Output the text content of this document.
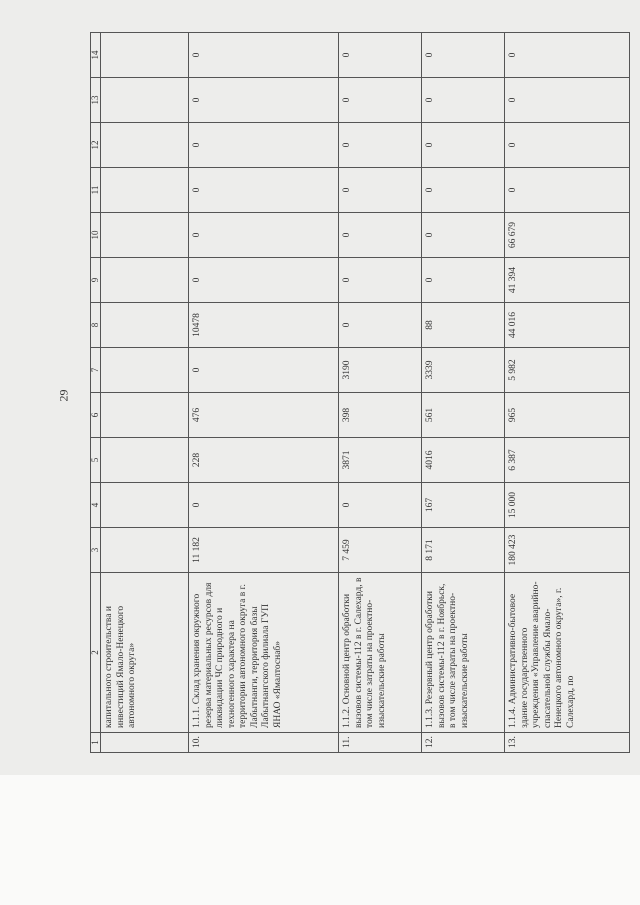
29
1	2	3	4	5	6	7	8	9	10	11	12	13	14
	капитального строительства и инвестиций Ямало-Ненецкого автономного округа»												
10.	1.1.1. Склад хранения окружного резерва материальных ресурсов для ликвидации ЧС природного и техногенного характера на территории автономного округа в г. Лабытнанги, территория базы Лабытнангского филиала ГУП ЯНАО «Ямалтоснаб»	11 182	0	228	476	0	10478	0	0	0	0	0	0
11.	1.1.2. Основной центр обработки вызовов системы-112 в г. Салехард, в том числе затраты на проектно-изыскательские работы	7 459	0	3871	398	3190	0	0	0	0	0	0	0
12.	1.1.3. Резервный центр обработки вызовов системы-112 в г. Ноябрьск, в том числе затраты на проектно-изыскательские работы	8 171	167	4016	561	3339	88	0	0	0	0	0	0
13.	1.1.4. Административно-бытовое здание государственного учреждения «Управление аварийно-спасательной службы Ямало-Ненецкого автономного округа», г. Салехард, по	180 423	15 000	6 387	965	5 982	44 016	41 394	66 679	0	0	0	0
